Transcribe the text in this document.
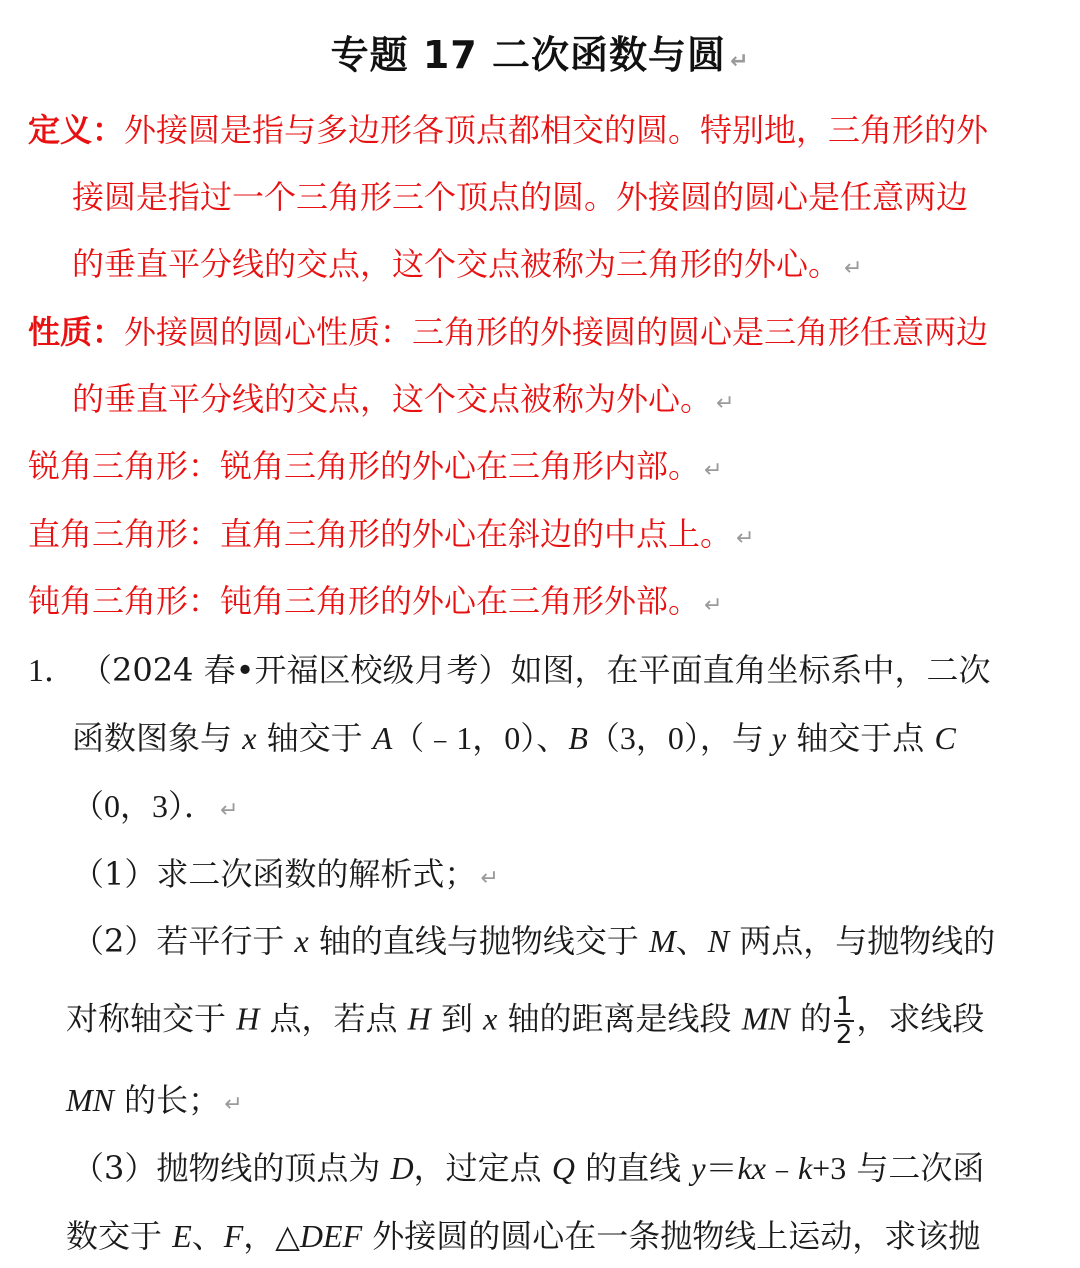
专题 17 二次函数与圆 ↵
定义：外接圆是指与多边形各顶点都相交的圆。特别地，三角形的外
接圆是指过一个三角形三个顶点的圆。外接圆的圆心是任意两边
的垂直平分线的交点，这个交点被称为三角形的外心。 ↵
性质：外接圆的圆心性质：三角形的外接圆的圆心是三角形任意两边
的垂直平分线的交点，这个交点被称为外心。 ↵
锐角三角形：锐角三角形的外心在三角形内部。 ↵
直角三角形：直角三角形的外心在斜边的中点上。 ↵
钝角三角形：钝角三角形的外心在三角形外部。 ↵
1． （2024 春•开福区校级月考）如图，在平面直角坐标系中，二次
函数图象与 x 轴交于 A（﹣1，0）、B（3，0），与 y 轴交于点 C
（0，3）． ↵
（1）求二次函数的解析式； ↵
（2）若平行于 x 轴的直线与抛物线交于 M、N 两点，与抛物线的
对称轴交于 H 点，若点 H 到 x 轴的距离是线段 MN 的 $\frac{1}{2}$ ，求线段
MN 的长； ↵
（3）抛物线的顶点为 D，过定点 Q 的直线 y＝kx﹣k+3 与二次函
数交于 E、F，△DEF 外接圆的圆心在一条抛物线上运动，求该抛
